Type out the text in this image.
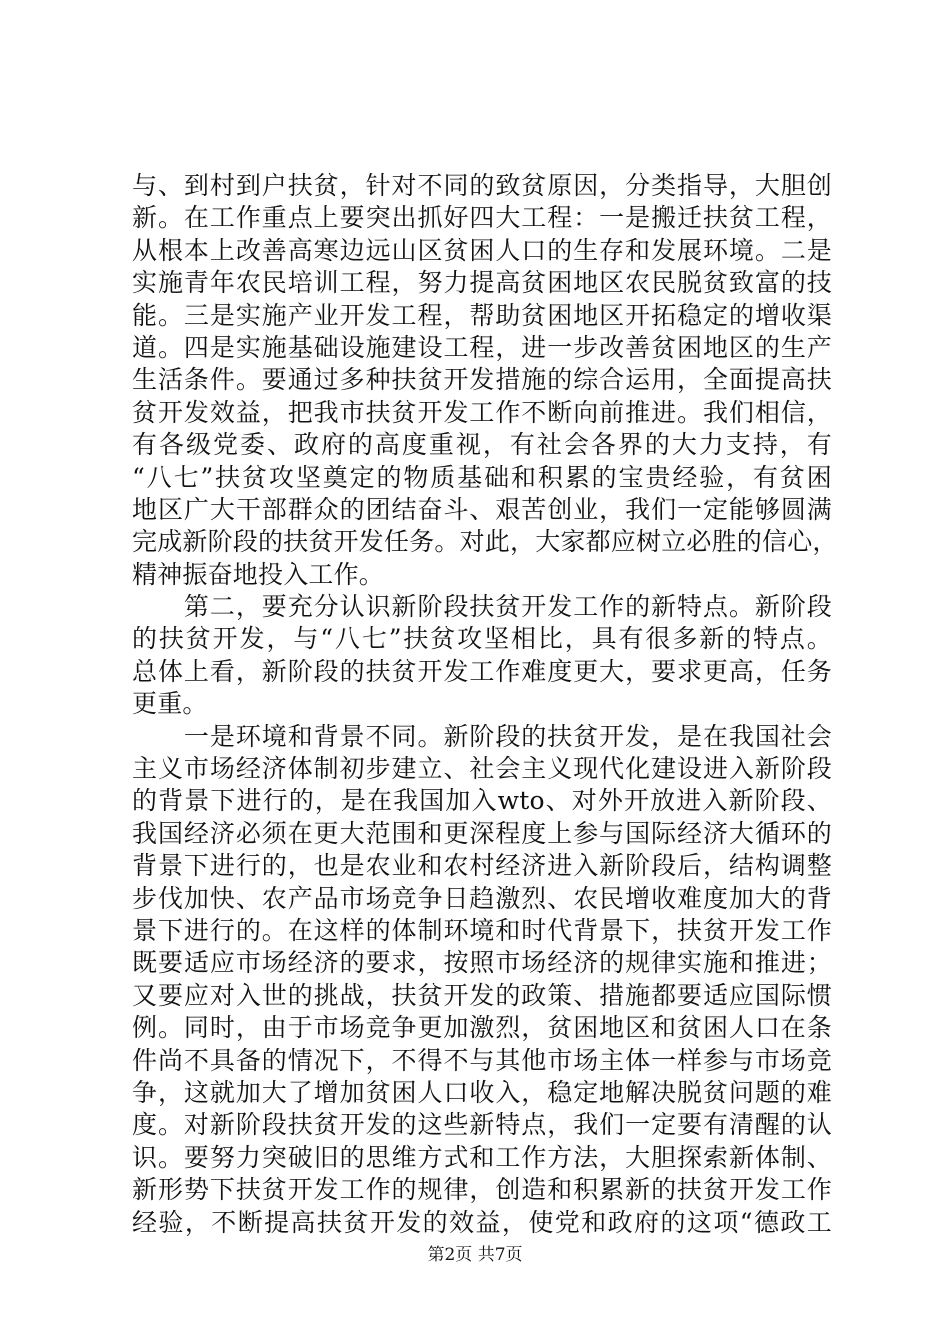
与、到村到户扶贫，针对不同的致贫原因，分类指导，大胆创
新。在工作重点上要突出抓好四大工程：一是搬迁扶贫工程，
从根本上改善高寒边远山区贫困人口的生存和发展环境。二是
实施青年农民培训工程，努力提高贫困地区农民脱贫致富的技
能。三是实施产业开发工程，帮助贫困地区开拓稳定的增收渠
道。四是实施基础设施建设工程，进一步改善贫困地区的生产
生活条件。要通过多种扶贫开发措施的综合运用，全面提高扶
贫开发效益，把我市扶贫开发工作不断向前推进。我们相信，
有各级党委、政府的高度重视，有社会各界的大力支持，有
“八七”扶贫攻坚奠定的物质基础和积累的宝贵经验，有贫困
地区广大干部群众的团结奋斗、艰苦创业，我们一定能够圆满
完成新阶段的扶贫开发任务。对此，大家都应树立必胜的信心，
精神振奋地投入工作。
　　第二，要充分认识新阶段扶贫开发工作的新特点。新阶段
的扶贫开发，与“八七”扶贫攻坚相比，具有很多新的特点。
总体上看，新阶段的扶贫开发工作难度更大，要求更高，任务
更重。
　　一是环境和背景不同。新阶段的扶贫开发，是在我国社会
主义市场经济体制初步建立、社会主义现代化建设进入新阶段
的背景下进行的，是在我国加入wto、对外开放进入新阶段、
我国经济必须在更大范围和更深程度上参与国际经济大循环的
背景下进行的，也是农业和农村经济进入新阶段后，结构调整
步伐加快、农产品市场竞争日趋激烈、农民增收难度加大的背
景下进行的。在这样的体制环境和时代背景下，扶贫开发工作
既要适应市场经济的要求，按照市场经济的规律实施和推进；
又要应对入世的挑战，扶贫开发的政策、措施都要适应国际惯
例。同时，由于市场竞争更加激烈，贫困地区和贫困人口在条
件尚不具备的情况下，不得不与其他市场主体一样参与市场竞
争，这就加大了增加贫困人口收入，稳定地解决脱贫问题的难
度。对新阶段扶贫开发的这些新特点，我们一定要有清醒的认
识。要努力突破旧的思维方式和工作方法，大胆探索新体制、
新形势下扶贫开发工作的规律，创造和积累新的扶贫开发工作
经验，不断提高扶贫开发的效益，使党和政府的这项“德政工
第2页 共7页
